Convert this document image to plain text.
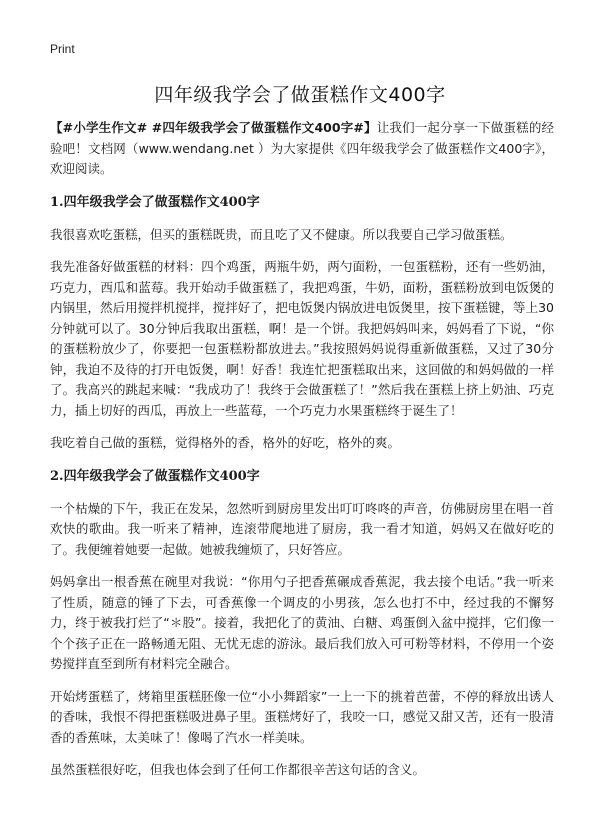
Print
四年级我学会了做蛋糕作文400字

【#小学生作文# #四年级我学会了做蛋糕作文400字#】让我们一起分享一下做蛋糕的经验吧！文档网（www.wendang.net ）为大家提供《四年级我学会了做蛋糕作文400字》，欢迎阅读。

1.四年级我学会了做蛋糕作文400字

我很喜欢吃蛋糕，但买的蛋糕既贵，而且吃了又不健康。所以我要自己学习做蛋糕。

我先准备好做蛋糕的材料：四个鸡蛋，两瓶牛奶，两勺面粉，一包蛋糕粉，还有一些奶油，巧克力，西瓜和蓝莓。我开始动手做蛋糕了，我把鸡蛋，牛奶，面粉，蛋糕粉放到电饭煲的内锅里，然后用搅拌机搅拌，搅拌好了，把电饭煲内锅放进电饭煲里，按下蛋糕键，等上30分钟就可以了。30分钟后我取出蛋糕，啊！是一个饼。我把妈妈叫来，妈妈看了下说，“你的蛋糕粉放少了，你要把一包蛋糕粉都放进去。”我按照妈妈说得重新做蛋糕，又过了30分钟，我迫不及待的打开电饭煲，啊！好香！我连忙把蛋糕取出来，这回做的和妈妈做的一样了。我高兴的跳起来喊：“我成功了！我终于会做蛋糕了！”然后我在蛋糕上挤上奶油、巧克力，插上切好的西瓜，再放上一些蓝莓，一个巧克力水果蛋糕终于诞生了！

我吃着自己做的蛋糕，觉得格外的香，格外的好吃，格外的爽。

2.四年级我学会了做蛋糕作文400字

一个枯燥的下午，我正在发呆，忽然听到厨房里发出叮叮咚咚的声音，仿佛厨房里在唱一首欢快的歌曲。我一听来了精神，连滚带爬地进了厨房，我一看才知道，妈妈又在做好吃的了。我便缠着她要一起做。她被我缠烦了，只好答应。

妈妈拿出一根香蕉在碗里对我说：“你用勺子把香蕉碾成香蕉泥，我去接个电话。”我一听来了性质，随意的锤了下去，可香蕉像一个调皮的小男孩，怎么也打不中，经过我的不懈努力，终于被我打烂了“＊股”。接着，我把化了的黄油、白糖、鸡蛋倒入盆中搅拌，它们像一个个孩子正在一路畅通无阻、无忧无虑的游泳。最后我们放入可可粉等材料，不停用一个姿势搅拌直至到所有材料完全融合。

开始烤蛋糕了，烤箱里蛋糕胚像一位“小小舞蹈家”一上一下的挑着芭蕾，不停的释放出诱人的香味，我恨不得把蛋糕吸进鼻子里。蛋糕烤好了，我咬一口，感觉又甜又苦，还有一股清香的香蕉味，太美味了！像喝了汽水一样美味。

虽然蛋糕很好吃，但我也体会到了任何工作都很辛苦这句话的含义。
